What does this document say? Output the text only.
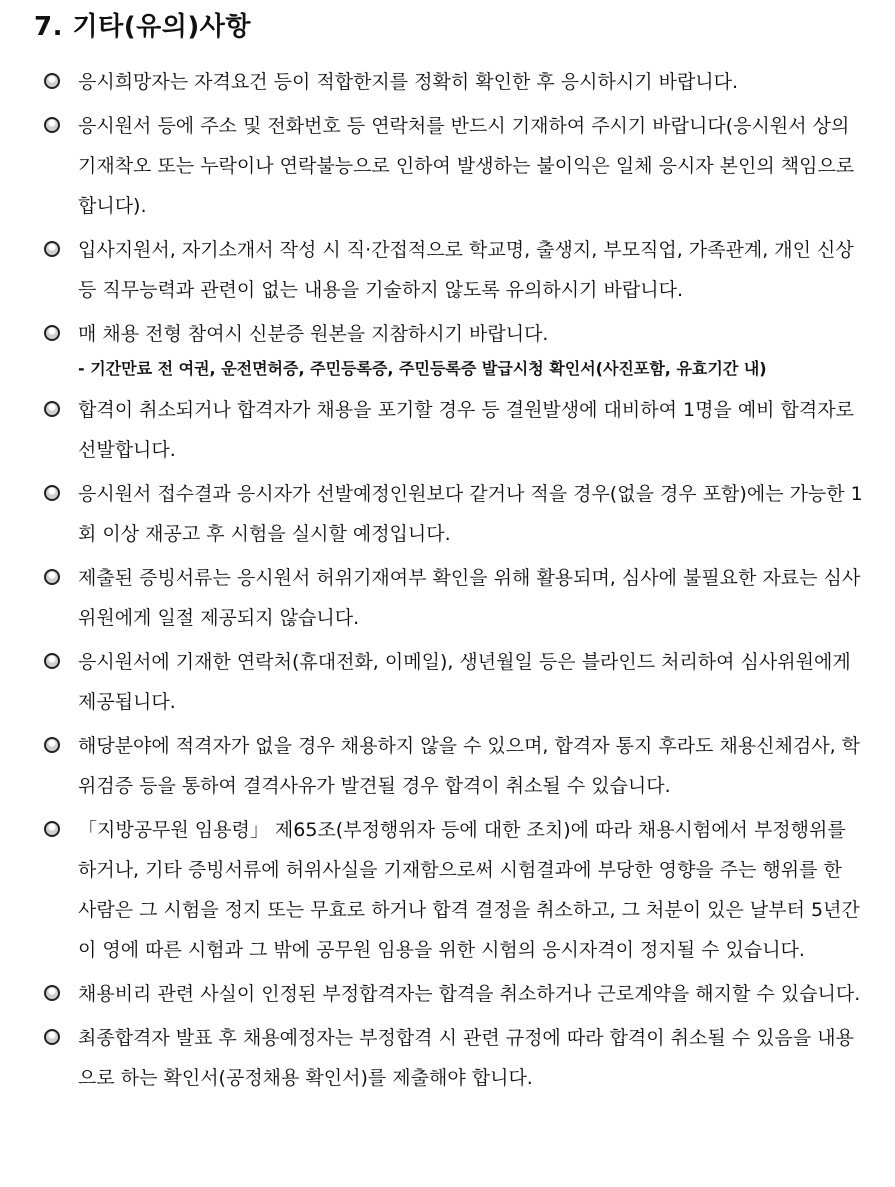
7. 기타(유의)사항
응시희망자는 자격요건 등이 적합한지를 정확히 확인한 후 응시하시기 바랍니다.
응시원서 등에 주소 및 전화번호 등 연락처를 반드시 기재하여 주시기 바랍니다(응시원서 상의 기재착오 또는 누락이나 연락불능으로 인하여 발생하는 불이익은 일체 응시자 본인의 책임으로 합니다).
입사지원서, 자기소개서 작성 시 직·간접적으로 학교명, 출생지, 부모직업, 가족관계, 개인 신상 등 직무능력과 관련이 없는 내용을 기술하지 않도록 유의하시기 바랍니다.
매 채용 전형 참여시 신분증 원본을 지참하시기 바랍니다.
- 기간만료 전 여권, 운전면허증, 주민등록증, 주민등록증 발급시청 확인서(사진포함, 유효기간 내)
합격이 취소되거나 합격자가 채용을 포기할 경우 등 결원발생에 대비하여 1명을 예비 합격자로 선발합니다.
응시원서 접수결과 응시자가 선발예정인원보다 같거나 적을 경우(없을 경우 포함)에는 가능한 1회 이상 재공고 후 시험을 실시할 예정입니다.
제출된 증빙서류는 응시원서 허위기재여부 확인을 위해 활용되며, 심사에 불필요한 자료는 심사위원에게 일절 제공되지 않습니다.
응시원서에 기재한 연락처(휴대전화, 이메일), 생년월일 등은 블라인드 처리하여 심사위원에게 제공됩니다.
해당분야에 적격자가 없을 경우 채용하지 않을 수 있으며, 합격자 통지 후라도 채용신체검사, 학위검증 등을 통하여 결격사유가 발견될 경우 합격이 취소될 수 있습니다.
「지방공무원 임용령」 제65조(부정행위자 등에 대한 조치)에 따라 채용시험에서 부정행위를 하거나, 기타 증빙서류에 허위사실을 기재함으로써 시험결과에 부당한 영향을 주는 행위를 한 사람은 그 시험을 정지 또는 무효로 하거나 합격 결정을 취소하고, 그 처분이 있은 날부터 5년간 이 영에 따른 시험과 그 밖에 공무원 임용을 위한 시험의 응시자격이 정지될 수 있습니다.
채용비리 관련 사실이 인정된 부정합격자는 합격을 취소하거나 근로계약을 해지할 수 있습니다.
최종합격자 발표 후 채용예정자는 부정합격 시 관련 규정에 따라 합격이 취소될 수 있음을 내용으로 하는 확인서(공정채용 확인서)를 제출해야 합니다.
